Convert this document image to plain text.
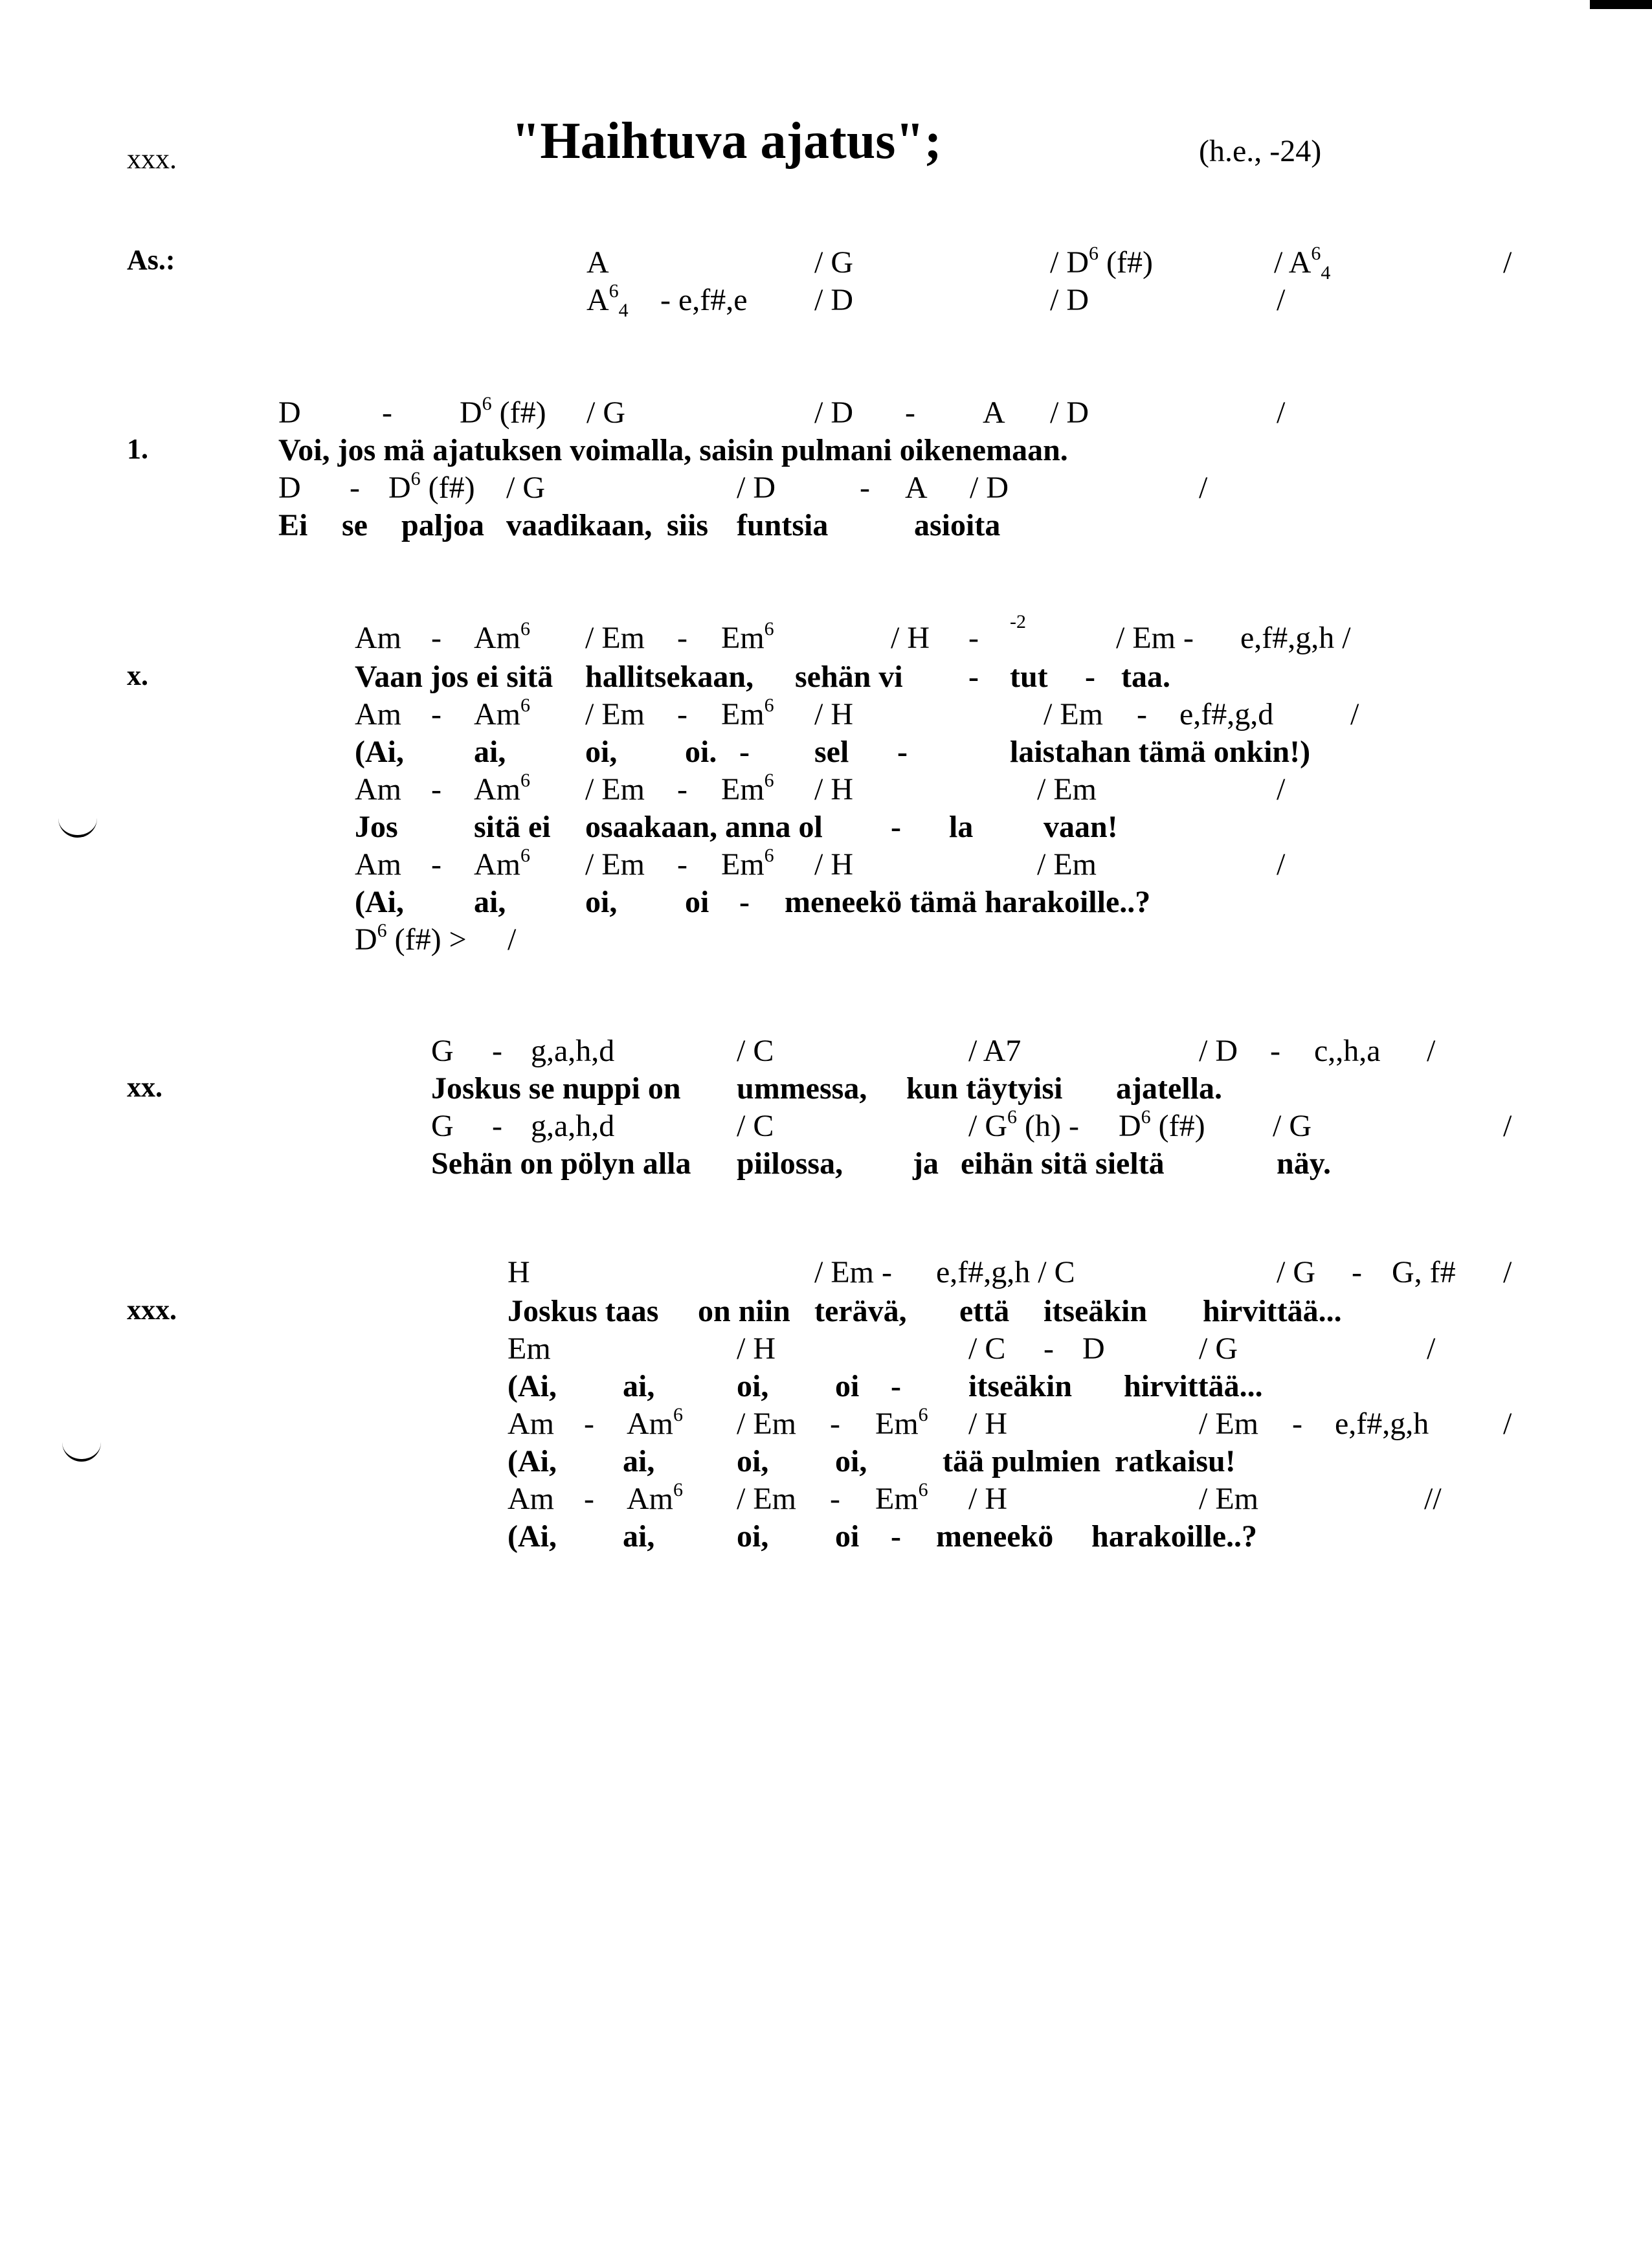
xxx.	"Haihtuva ajatus";	(h.e., -24)
As.:	A	/ G	/ $D^6$ (f#)	/ $A^6_4$	/
$A^6_4$ - e,f#,e / D	/ D	/
D	- $D^6$ (f#) / G	/ D - A / D	/
1.	Voi, jos mä ajatuksen voimalla, saisin pulmani oikenemaan.
D - $D^6$ (f#) / G	/ D	- A / D	/
Ei se paljoa vaadikaan, siis funtsia	asioita
Am - Am$^6$ / Em - Em$^6$	/ H - -2	/ Em - e,f#,g,h /
x.	Vaan jos ei sitä hallitsekaan, sehän vi - tut - taa.
Am - Am$^6$ / Em - Em$^6$ / H	/ Em - e,f#,g,d /
(Ai, ai,	oi, oi. - sel -	laistahan tämä onkin!)
Am - Am$^6$ / Em - Em$^6$ / H	/ Em	/
Jos sitä ei osaakaan, anna ol - la vaan!
Am - Am$^6$ / Em - Em$^6$ / H	/ Em	/
(Ai, ai,	oi, oi - meneekö tämä harakoille..?
$D^6$ (f#) > /
G - g,a,h,d	/ C	/ A7	/ D - c,,h,a /
xx.	Joskus se nuppi on ummessa, kun täytyisi ajatella.
G - g,a,h,d	/ C	/ $G^6$ $(h) - D^6$ (f#) / G	/
Sehän on pölyn alla piilossa, ja eihän sitä sieltä	näy.
H	/ Em - e,f#,g,h / C	/ G - G, f# /
xxx.	Joskus taas on niin terävä, että itseäkin hirvittää...
Em	/ H	/ C - D	/ G	/
(Ai, ai,	oi, oi - itseäkin hirvittää...
Am - Am$^6$ / Em - Em$^6$ / H	/ Em - e,f#,g,h /
(Ai, ai,	oi, oi, tää pulmien ratkaisu!
Am - Am$^6$ / Em - Em$^6$ / H	/ Em	//
(Ai, ai,	oi, oi - meneekö harakoille..?
